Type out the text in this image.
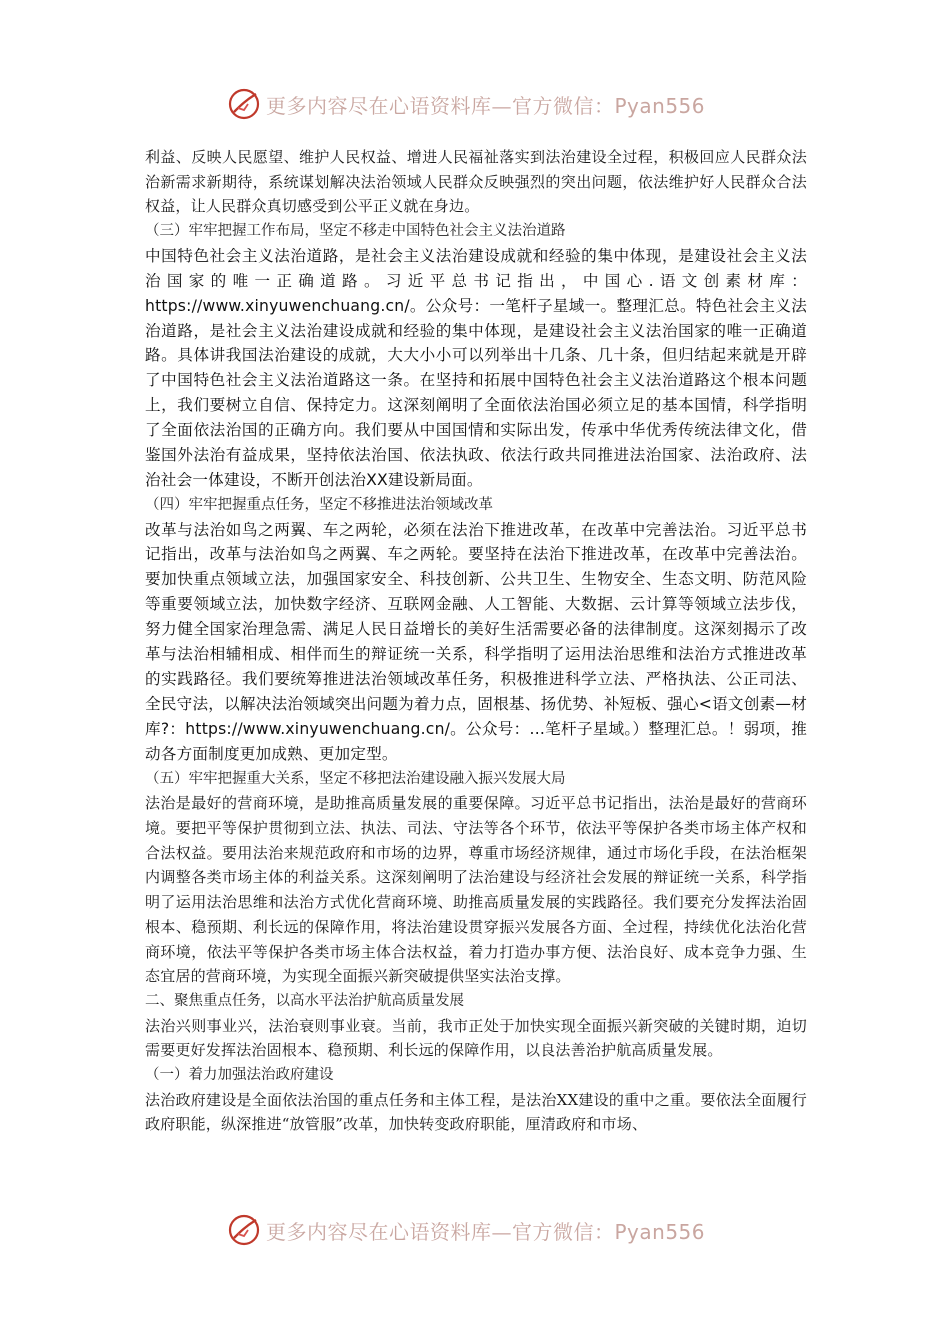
更多内容尽在心语资料库—官方微信：Pyan556

利益、反映人民愿望、维护人民权益、增进人民福祉落实到法治建设全过程，积极回应人民群众法治新需求新期待，系统谋划解决法治领域人民群众反映强烈的突出问题，依法维护好人民群众合法权益，让人民群众真切感受到公平正义就在身边。

（三）牢牢把握工作布局，坚定不移走中国特色社会主义法治道路

中国特色社会主义法治道路，是社会主义法治建设成就和经验的集中体现，是建设社会主义法治国家的唯一正确道路。习近平总书记指出，中国心.语文创素材库：https://www.xinyuwenchuang.cn/。公众号：一笔杆子星域一。整理汇总。特色社会主义法治道路，是社会主义法治建设成就和经验的集中体现，是建设社会主义法治国家的唯一正确道路。具体讲我国法治建设的成就，大大小小可以列举出十几条、几十条，但归结起来就是开辟了中国特色社会主义法治道路这一条。在坚持和拓展中国特色社会主义法治道路这个根本问题上，我们要树立自信、保持定力。这深刻阐明了全面依法治国必须立足的基本国情，科学指明了全面依法治国的正确方向。我们要从中国国情和实际出发，传承中华优秀传统法律文化，借鉴国外法治有益成果，坚持依法治国、依法执政、依法行政共同推进法治国家、法治政府、法治社会一体建设，不断开创法治XX建设新局面。

（四）牢牢把握重点任务，坚定不移推进法治领域改革

改革与法治如鸟之两翼、车之两轮，必须在法治下推进改革，在改革中完善法治。习近平总书记指出，改革与法治如鸟之两翼、车之两轮。要坚持在法治下推进改革，在改革中完善法治。要加快重点领域立法，加强国家安全、科技创新、公共卫生、生物安全、生态文明、防范风险等重要领域立法，加快数字经济、互联网金融、人工智能、大数据、云计算等领域立法步伐，努力健全国家治理急需、满足人民日益增长的美好生活需要必备的法律制度。这深刻揭示了改革与法治相辅相成、相伴而生的辩证统一关系，科学指明了运用法治思维和法治方式推进改革的实践路径。我们要统筹推进法治领域改革任务，积极推进科学立法、严格执法、公正司法、全民守法，以解决法治领域突出问题为着力点，固根基、扬优势、补短板、强心<语文创素—材库?：https://www.xinyuwenchuang.cn/。公众号：...笔杆子星域。）整理汇总。！弱项，推动各方面制度更加成熟、更加定型。

（五）牢牢把握重大关系，坚定不移把法治建设融入振兴发展大局

法治是最好的营商环境，是助推高质量发展的重要保障。习近平总书记指出，法治是最好的营商环境。要把平等保护贯彻到立法、执法、司法、守法等各个环节，依法平等保护各类市场主体产权和合法权益。要用法治来规范政府和市场的边界，尊重市场经济规律，通过市场化手段，在法治框架内调整各类市场主体的利益关系。这深刻阐明了法治建设与经济社会发展的辩证统一关系，科学指明了运用法治思维和法治方式优化营商环境、助推高质量发展的实践路径。我们要充分发挥法治固根本、稳预期、利长远的保障作用，将法治建设贯穿振兴发展各方面、全过程，持续优化法治化营商环境，依法平等保护各类市场主体合法权益，着力打造办事方便、法治良好、成本竞争力强、生态宜居的营商环境，为实现全面振兴新突破提供坚实法治支撑。

二、聚焦重点任务，以高水平法治护航高质量发展

法治兴则事业兴，法治衰则事业衰。当前，我市正处于加快实现全面振兴新突破的关键时期，迫切需要更好发挥法治固根本、稳预期、利长远的保障作用，以良法善治护航高质量发展。

（一）着力加强法治政府建设

法治政府建设是全面依法治国的重点任务和主体工程，是法治XX建设的重中之重。要依法全面履行政府职能，纵深推进“放管服”改革，加快转变政府职能，厘清政府和市场、

更多内容尽在心语资料库—官方微信：Pyan556
